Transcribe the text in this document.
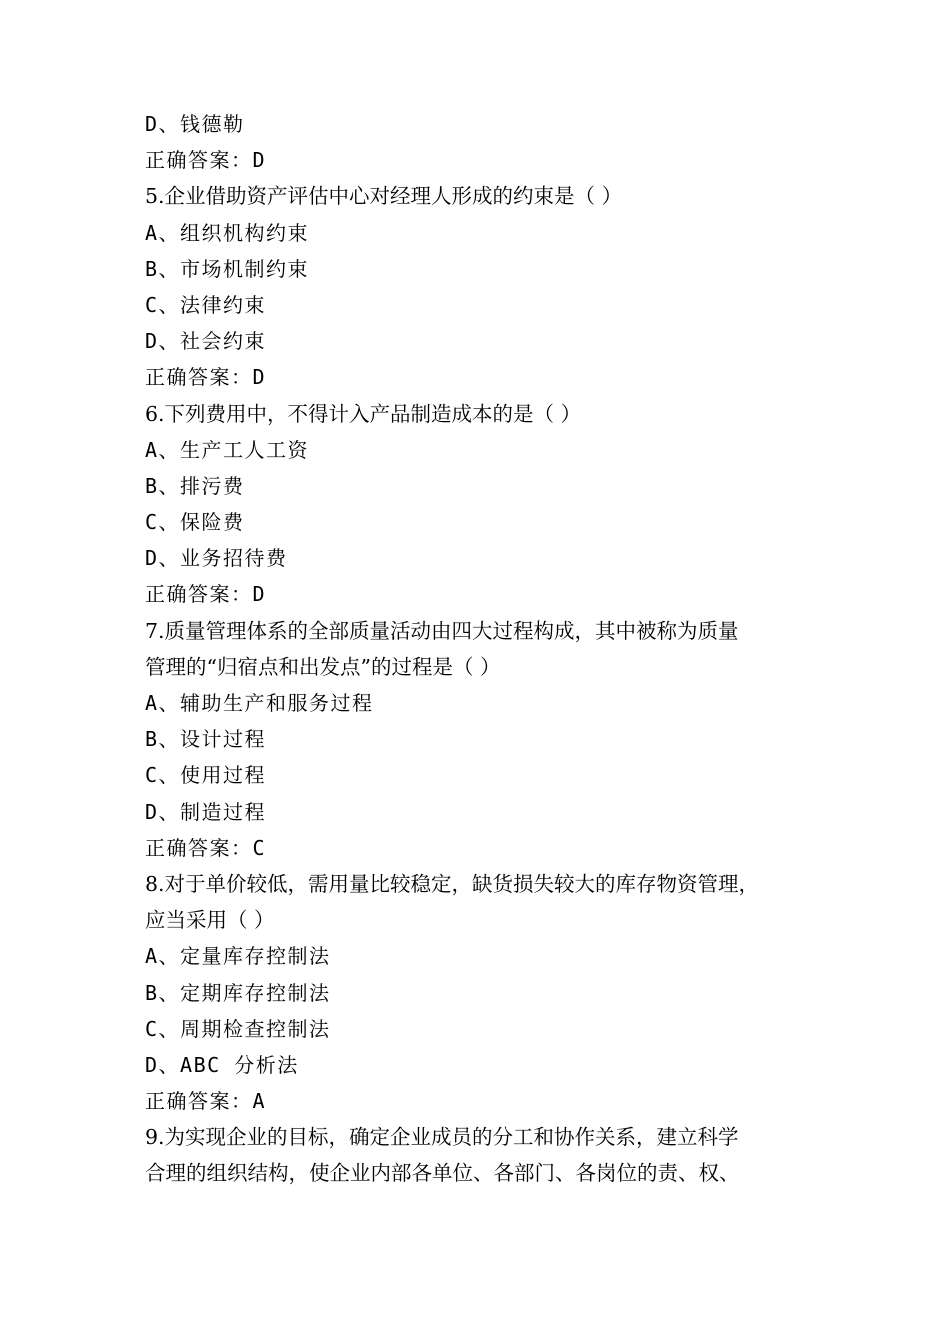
D、钱德勒
正确答案：D
5.企业借助资产评估中心对经理人形成的约束是（ ）
A、组织机构约束
B、市场机制约束
C、法律约束
D、社会约束
正确答案：D
6.下列费用中，不得计入产品制造成本的是（ ）
A、生产工人工资
B、排污费
C、保险费
D、业务招待费
正确答案：D
7.质量管理体系的全部质量活动由四大过程构成，其中被称为质量
管理的“归宿点和出发点”的过程是（ ）
A、辅助生产和服务过程
B、设计过程
C、使用过程
D、制造过程
正确答案：C
8.对于单价较低，需用量比较稳定，缺货损失较大的库存物资管理，
应当采用（ ）
A、定量库存控制法
B、定期库存控制法
C、周期检查控制法
D、ABC 分析法
正确答案：A
9.为实现企业的目标，确定企业成员的分工和协作关系，建立科学
合理的组织结构，使企业内部各单位、各部门、各岗位的责、权、
